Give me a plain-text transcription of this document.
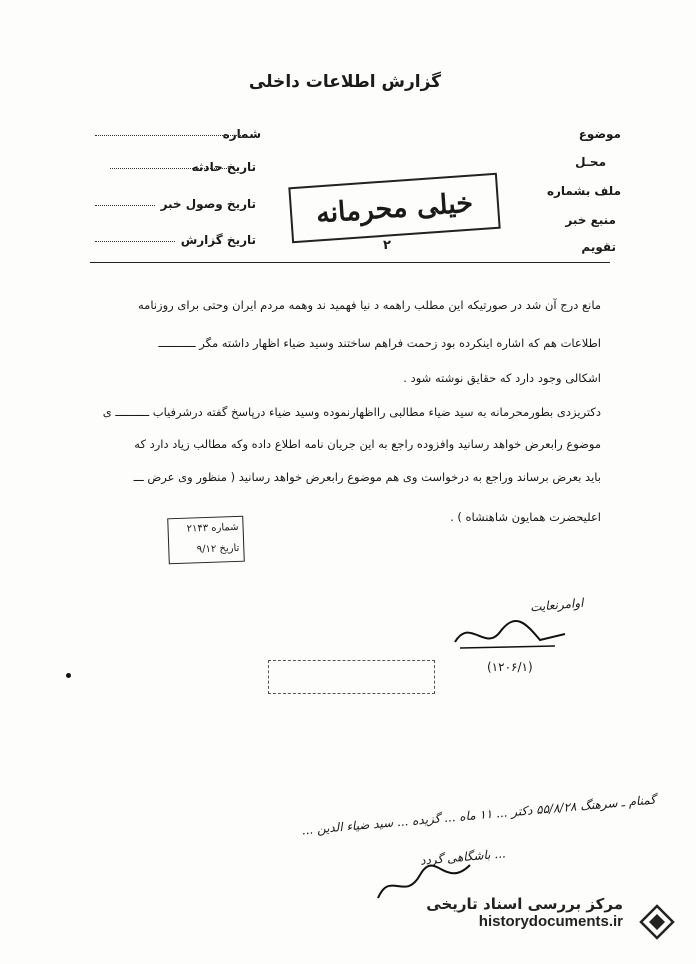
گزارش اطلاعات داخلی
موضوع
محـل
ملف بشماره
منبع خبر
تقویم
شماره
تاریخ حادثه
تاریخ وصول خبر
تاریخ گزارش
خیلی محرمانه
۲
مانع درج آن شد در صورتیکه این مطلب راهمه د نیا فهمید ند وهمه مردم ایران وحتی برای روزنامه
اطلاعات هم که اشاره اینکرده بود زحمت فراهم ساختند وسید ضیاء اظهار داشته مگر ـــــــــــ
اشکالی وجود دارد که حقایق نوشته شود .
دکتریزدی بطورمحرمانه به سید ضیاء مطالبی رااظهارنموده وسید ضیاء درپاسخ گفته درشرفیاب ــــــــــ ی
موضوع رابعرض خواهد رسانید وافزوده راجع به این جریان نامه اطلاع داده وکه مطالب زیاد دارد که
باید بعرض برساند وراجع به درخواست وی هم موضوع رابعرض خواهد رسانید ( منظور وی عرض ـــ
اعلیحضرت همایون شاهنشاه ) .
شماره ۲۱۴۳
تاریخ ۹/۱۲
اوامرنعایت
(۱۲۰۶/۱)
گمنام ـ سرهنگ ۵۵/۸/۲۸ دکتر ... ۱۱ ماه ... گزیده ... سید ضیاء الدین ...
... باشگاهی گردد
مرکز بررسی اسناد تاریخی
historydocuments.ir
